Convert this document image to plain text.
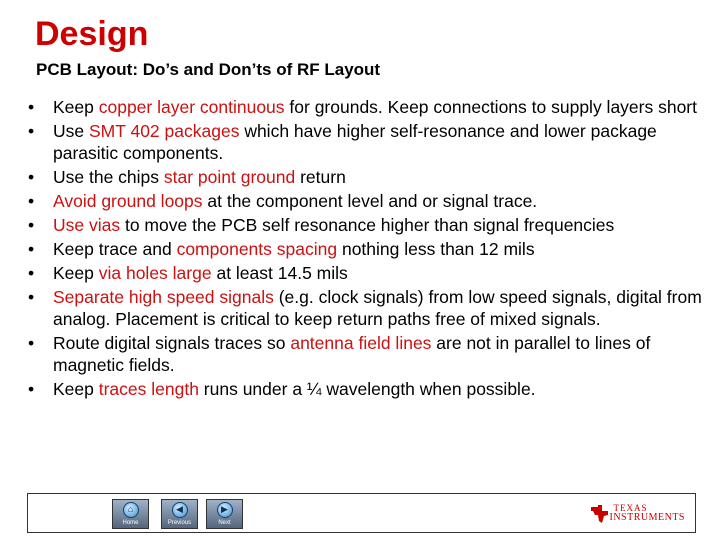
Design
PCB Layout: Do’s and Don’ts of RF Layout
• Keep copper layer continuous for grounds. Keep connections to supply layers short
• Use SMT 402 packages which have higher self-resonance and lower package parasitic components.
• Use the chips star point ground return
• Avoid ground loops at the component level and or signal trace.
• Use vias to move the PCB self resonance higher than signal frequencies
• Keep trace and components spacing nothing less than 12 mils
• Keep via holes large at least 14.5 mils
• Separate high speed signals (e.g. clock signals) from low speed signals, digital from analog. Placement is critical to keep return paths free of mixed signals.
• Route digital signals traces so antenna field lines are not in parallel to lines of magnetic fields.
• Keep traces length runs under a ¼ wavelength when possible.
⌂
Home
◀
Previous
▶
Next
TEXAS
INSTRUMENTS
